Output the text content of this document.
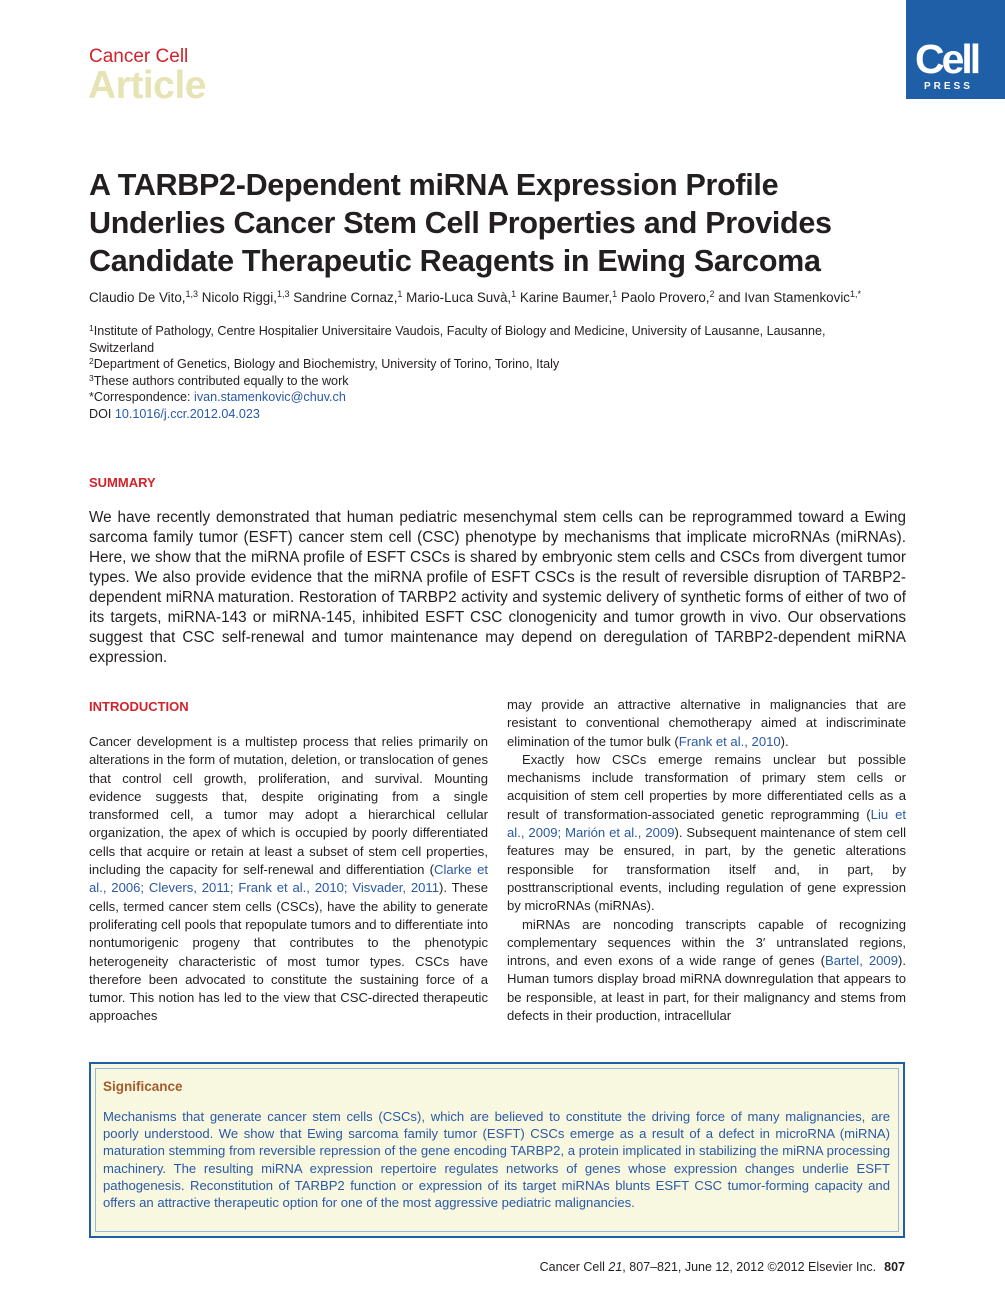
Cancer Cell
Article
Cell
PRESS
A TARBP2-Dependent miRNA Expression Profile Underlies Cancer Stem Cell Properties and Provides Candidate Therapeutic Reagents in Ewing Sarcoma
Claudio De Vito,$^{1,3}$ Nicolo Riggi,$^{1,3}$ Sandrine Cornaz,$^1$ Mario-Luca Suvà,$^1$ Karine Baumer,$^1$ Paolo Provero,$^2$ and Ivan Stamenkovic$^{1,*}$
$^1$Institute of Pathology, Centre Hospitalier Universitaire Vaudois, Faculty of Biology and Medicine, University of Lausanne, Lausanne, Switzerland
$^2$Department of Genetics, Biology and Biochemistry, University of Torino, Torino, Italy
$^3$These authors contributed equally to the work
*Correspondence: ivan.stamenkovic@chuv.ch
DOI 10.1016/j.ccr.2012.04.023
SUMMARY
We have recently demonstrated that human pediatric mesenchymal stem cells can be reprogrammed toward a Ewing sarcoma family tumor (ESFT) cancer stem cell (CSC) phenotype by mechanisms that implicate microRNAs (miRNAs). Here, we show that the miRNA profile of ESFT CSCs is shared by embryonic stem cells and CSCs from divergent tumor types. We also provide evidence that the miRNA profile of ESFT CSCs is the result of reversible disruption of TARBP2-dependent miRNA maturation. Restoration of TARBP2 activity and systemic delivery of synthetic forms of either of two of its targets, miRNA-143 or miRNA-145, inhibited ESFT CSC clonogenicity and tumor growth in vivo. Our observations suggest that CSC self-renewal and tumor maintenance may depend on deregulation of TARBP2-dependent miRNA expression.
INTRODUCTION

Cancer development is a multistep process that relies primarily on alterations in the form of mutation, deletion, or translocation of genes that control cell growth, proliferation, and survival. Mounting evidence suggests that, despite originating from a single transformed cell, a tumor may adopt a hierarchical cellular organization, the apex of which is occupied by poorly differentiated cells that acquire or retain at least a subset of stem cell properties, including the capacity for self-renewal and differentiation (Clarke et al., 2006; Clevers, 2011; Frank et al., 2010; Visvader, 2011). These cells, termed cancer stem cells (CSCs), have the ability to generate proliferating cell pools that repopulate tumors and to differentiate into nontumorigenic progeny that contributes to the phenotypic heterogeneity characteristic of most tumor types. CSCs have therefore been advocated to constitute the sustaining force of a tumor. This notion has led to the view that CSC-directed therapeutic approaches

may provide an attractive alternative in malignancies that are resistant to conventional chemotherapy aimed at indiscriminate elimination of the tumor bulk (Frank et al., 2010).

Exactly how CSCs emerge remains unclear but possible mechanisms include transformation of primary stem cells or acquisition of stem cell properties by more differentiated cells as a result of transformation-associated genetic reprogramming (Liu et al., 2009; Marión et al., 2009). Subsequent maintenance of stem cell features may be ensured, in part, by the genetic alterations responsible for transformation itself and, in part, by posttranscriptional events, including regulation of gene expression by microRNAs (miRNAs).

miRNAs are noncoding transcripts capable of recognizing complementary sequences within the 3′ untranslated regions, introns, and even exons of a wide range of genes (Bartel, 2009). Human tumors display broad miRNA downregulation that appears to be responsible, at least in part, for their malignancy and stems from defects in their production, intracellular

Significance
Mechanisms that generate cancer stem cells (CSCs), which are believed to constitute the driving force of many malignancies, are poorly understood. We show that Ewing sarcoma family tumor (ESFT) CSCs emerge as a result of a defect in microRNA (miRNA) maturation stemming from reversible repression of the gene encoding TARBP2, a protein implicated in stabilizing the miRNA processing machinery. The resulting miRNA expression repertoire regulates networks of genes whose expression changes underlie ESFT pathogenesis. Reconstitution of TARBP2 function or expression of its target miRNAs blunts ESFT CSC tumor-forming capacity and offers an attractive therapeutic option for one of the most aggressive pediatric malignancies.
Cancer Cell 21, 807–821, June 12, 2012 ©2012 Elsevier Inc. 807
